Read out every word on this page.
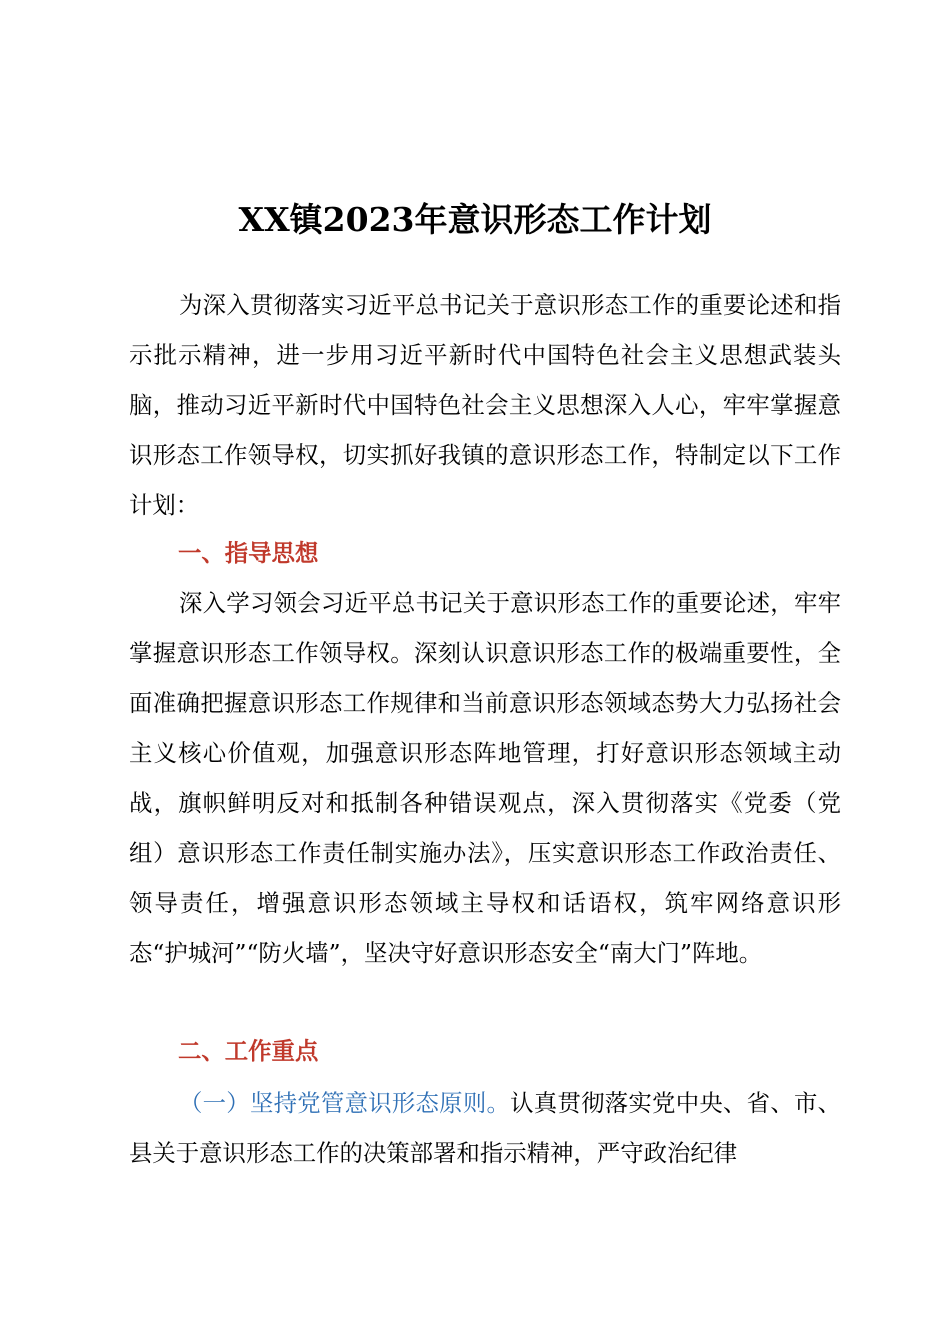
XX镇2023年意识形态工作计划

为深入贯彻落实习近平总书记关于意识形态工作的重要论述和指示批示精神，进一步用习近平新时代中国特色社会主义思想武装头脑，推动习近平新时代中国特色社会主义思想深入人心，牢牢掌握意识形态工作领导权，切实抓好我镇的意识形态工作，特制定以下工作计划：

一、指导思想

深入学习领会习近平总书记关于意识形态工作的重要论述，牢牢掌握意识形态工作领导权。深刻认识意识形态工作的极端重要性，全面准确把握意识形态工作规律和当前意识形态领域态势大力弘扬社会主义核心价值观，加强意识形态阵地管理，打好意识形态领域主动战，旗帜鲜明反对和抵制各种错误观点，深入贯彻落实《党委（党组）意识形态工作责任制实施办法》，压实意识形态工作政治责任、领导责任，增强意识形态领域主导权和话语权，筑牢网络意识形态“护城河”“防火墙”，坚决守好意识形态安全“南大门”阵地。

二、工作重点

（一）坚持党管意识形态原则。认真贯彻落实党中央、省、市、县关于意识形态工作的决策部署和指示精神，严守政治纪律
